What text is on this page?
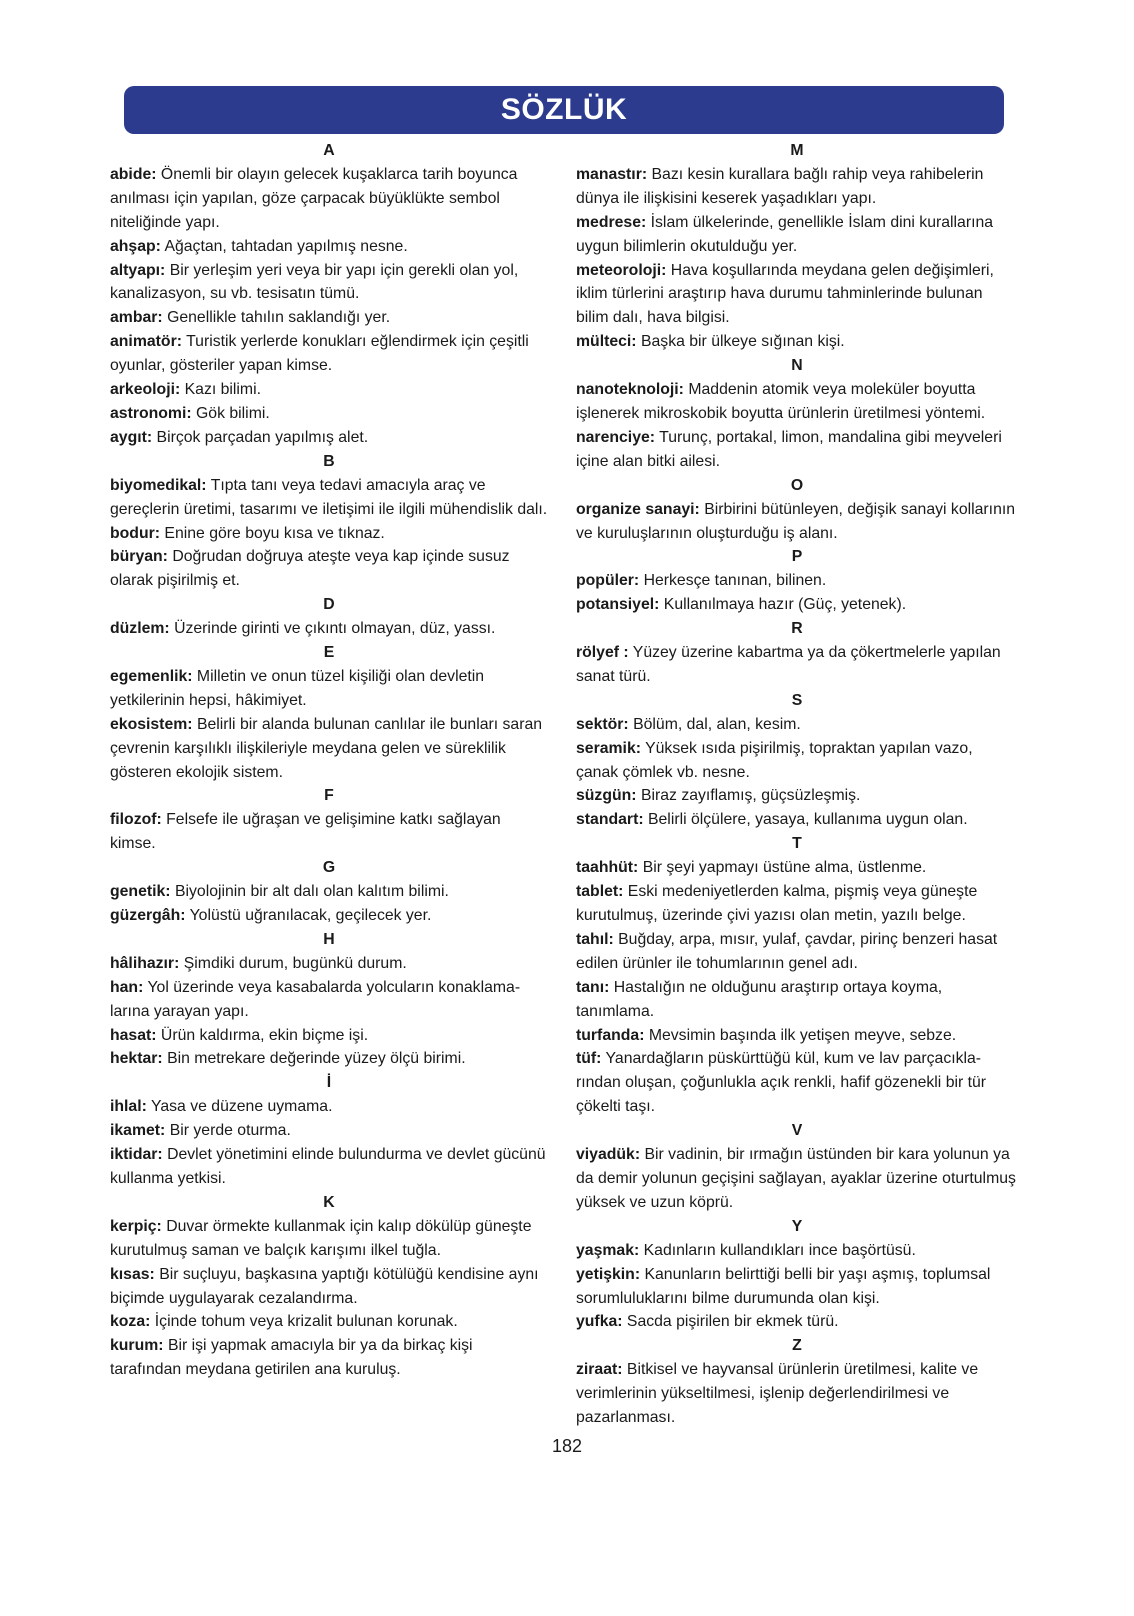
SÖZLÜK
A
abide: Önemli bir olayın gelecek kuşaklarca tarih boyunca anılması için yapılan, göze çarpacak büyüklükte sembol niteliğinde yapı.
ahşap: Ağaçtan, tahtadan yapılmış nesne.
altyapı: Bir yerleşim yeri veya bir yapı için gerekli olan yol, kanalizasyon, su vb. tesisatın tümü.
ambar: Genellikle tahılın saklandığı yer.
animatör: Turistik yerlerde konukları eğlendirmek için çeşitli oyunlar, gösteriler yapan kimse.
arkeoloji: Kazı bilimi.
astronomi: Gök bilimi.
aygıt: Birçok parçadan yapılmış alet.
B
biyomedikal: Tıpta tanı veya tedavi amacıyla araç ve gereçlerin üretimi, tasarımı ve iletişimi ile ilgili mühendislik dalı.
bodur: Enine göre boyu kısa ve tıknaz.
büryan: Doğrudan doğruya ateşte veya kap içinde susuz olarak pişirilmiş et.
D
düzlem: Üzerinde girinti ve çıkıntı olmayan, düz, yassı.
E
egemenlik: Milletin ve onun tüzel kişiliği olan devletin yetkilerinin hepsi, hâkimiyet.
ekosistem: Belirli bir alanda bulunan canlılar ile bunları saran çevrenin karşılıklı ilişkileriyle meydana gelen ve süreklilik gösteren ekolojik sistem.
F
filozof: Felsefe ile uğraşan ve gelişimine katkı sağlayan kimse.
G
genetik: Biyolojinin bir alt dalı olan kalıtım bilimi.
güzergâh: Yolüstü uğranılacak, geçilecek yer.
H
hâlihazır: Şimdiki durum, bugünkü durum.
han: Yol üzerinde veya kasabalarda yolcuların konaklama-larına yarayan yapı.
hasat: Ürün kaldırma, ekin biçme işi.
hektar: Bin metrekare değerinde yüzey ölçü birimi.
İ
ihlal: Yasa ve düzene uymama.
ikamet: Bir yerde oturma.
iktidar: Devlet yönetimini elinde bulundurma ve devlet gücünü kullanma yetkisi.
K
kerpiç: Duvar örmekte kullanmak için kalıp dökülüp güneşte kurutulmuş saman ve balçık karışımı ilkel tuğla.
kısas: Bir suçluyu, başkasına yaptığı kötülüğü kendisine aynı biçimde uygulayarak cezalandırma.
koza: İçinde tohum veya krizalit bulunan korunak.
kurum: Bir işi yapmak amacıyla bir ya da birkaç kişi tarafından meydana getirilen ana kuruluş.
M
manastır: Bazı kesin kurallara bağlı rahip veya rahibelerin dünya ile ilişkisini keserek yaşadıkları yapı.
medrese: İslam ülkelerinde, genellikle İslam dini kurallarına uygun bilimlerin okutulduğu yer.
meteoroloji: Hava koşullarında meydana gelen değişimleri, iklim türlerini araştırıp hava durumu tahminlerinde bulunan bilim dalı, hava bilgisi.
mülteci: Başka bir ülkeye sığınan kişi.
N
nanoteknoloji: Maddenin atomik veya moleküler boyutta işlenerek mikroskobik boyutta ürünlerin üretilmesi yöntemi.
narenciye: Turunç, portakal, limon, mandalina gibi meyveleri içine alan bitki ailesi.
O
organize sanayi: Birbirini bütünleyen, değişik sanayi kollarının ve kuruluşlarının oluşturduğu iş alanı.
P
popüler: Herkesçe tanınan, bilinen.
potansiyel: Kullanılmaya hazır (Güç, yetenek).
R
rölyef : Yüzey üzerine kabartma ya da çökertmelerle yapılan sanat türü.
S
sektör: Bölüm, dal, alan, kesim.
seramik: Yüksek ısıda pişirilmiş, topraktan yapılan vazo, çanak çömlek vb. nesne.
süzgün: Biraz zayıflamış, güçsüzleşmiş.
standart: Belirli ölçülere, yasaya, kullanıma uygun olan.
T
taahhüt: Bir şeyi yapmayı üstüne alma, üstlenme.
tablet: Eski medeniyetlerden kalma, pişmiş veya güneşte kurutulmuş, üzerinde çivi yazısı olan metin, yazılı belge.
tahıl: Buğday, arpa, mısır, yulaf, çavdar, pirinç benzeri hasat edilen ürünler ile tohumlarının genel adı.
tanı: Hastalığın ne olduğunu araştırıp ortaya koyma, tanımlama.
turfanda: Mevsimin başında ilk yetişen meyve, sebze.
tüf: Yanardağların püskürttüğü kül, kum ve lav parçacıkla-rından oluşan, çoğunlukla açık renkli, hafif gözenekli bir tür çökelti taşı.
V
viyadük: Bir vadinin, bir ırmağın üstünden bir kara yolunun ya da demir yolunun geçişini sağlayan, ayaklar üzerine oturtulmuş yüksek ve uzun köprü.
Y
yaşmak: Kadınların kullandıkları ince başörtüsü.
yetişkin: Kanunların belirttiği belli bir yaşı aşmış, toplumsal sorumluluklarını bilme durumunda olan kişi.
yufka: Sacda pişirilen bir ekmek türü.
Z
ziraat: Bitkisel ve hayvansal ürünlerin üretilmesi, kalite ve verimlerinin yükseltilmesi, işlenip değerlendirilmesi ve pazarlanması.
182
